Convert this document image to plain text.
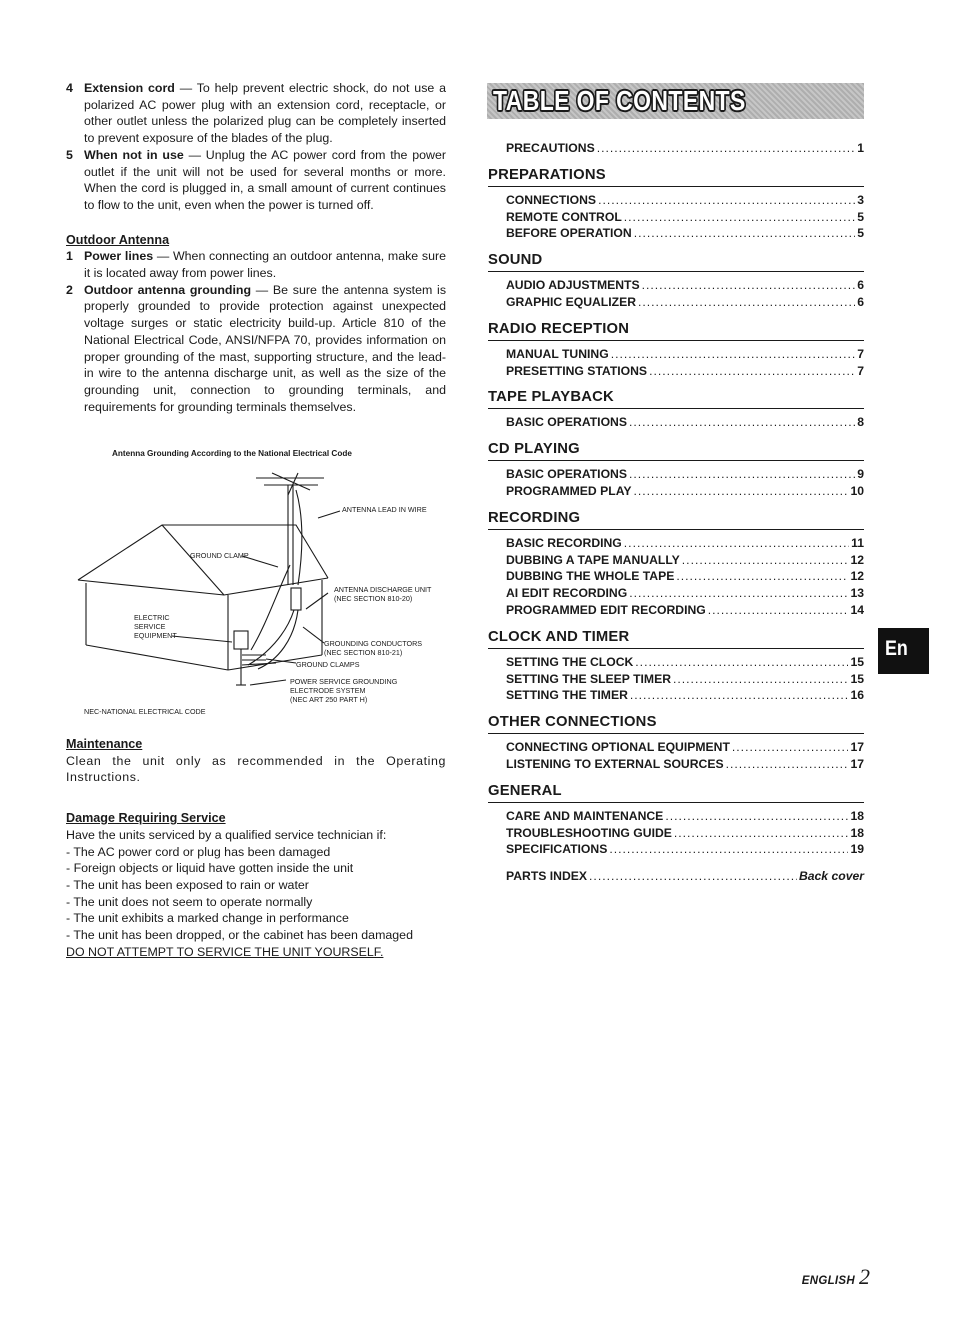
4 Extension cord — To help prevent electric shock, do not use a polarized AC power plug with an extension cord, receptacle, or other outlet unless the polarized plug can be completely inserted to prevent exposure of the blades of the plug.
5 When not in use — Unplug the AC power cord from the power outlet if the unit will not be used for several months or more. When the cord is plugged in, a small amount of current continues to flow to the unit, even when the power is turned off.
Outdoor Antenna
1 Power lines — When connecting an outdoor antenna, make sure it is located away from power lines.
2 Outdoor antenna grounding — Be sure the antenna system is properly grounded to provide protection against unexpected voltage surges or static electricity build-up. Article 810 of the National Electrical Code, ANSI/NFPA 70, provides information on proper grounding of the mast, supporting structure, and the lead-in wire to the antenna discharge unit, as well as the size of the grounding unit, connection to grounding terminals, and requirements for grounding terminals themselves.
Antenna Grounding According to the National Electrical Code
ANTENNA LEAD IN WIRE
GROUND CLAMP
ANTENNA DISCHARGE UNIT
(NEC SECTION 810-20)
ELECTRIC
SERVICE
EQUIPMENT
GROUNDING CONDUCTORS
(NEC SECTION 810-21)
GROUND CLAMPS
POWER SERVICE GROUNDING
ELECTRODE SYSTEM
(NEC ART 250 PART H)
NEC-NATIONAL ELECTRICAL CODE
Maintenance
Clean the unit only as recommended in the Operating Instructions.
Damage Requiring Service
Have the units serviced by a qualified service technician if:
- The AC power cord or plug has been damaged
- Foreign objects or liquid have gotten inside the unit
- The unit has been exposed to rain or water
- The unit does not seem to operate normally
- The unit exhibits a marked change in performance
- The unit has been dropped, or the cabinet has been damaged
DO NOT ATTEMPT TO SERVICE THE UNIT YOURSELF.
TABLE OF CONTENTS
PRECAUTIONS .....	1
PREPARATIONS
CONNECTIONS .....	3
REMOTE CONTROL .....	5
BEFORE OPERATION .....	5
SOUND
AUDIO ADJUSTMENTS .....	6
GRAPHIC EQUALIZER .....	6
RADIO RECEPTION
MANUAL TUNING .....	7
PRESETTING STATIONS .....	7
TAPE PLAYBACK
BASIC OPERATIONS .....	8
CD PLAYING
BASIC OPERATIONS .....	9
PROGRAMMED PLAY .....	10
RECORDING
BASIC RECORDING .....	11
DUBBING A TAPE MANUALLY .....	12
DUBBING THE WHOLE TAPE .....	12
AI EDIT RECORDING .....	13
PROGRAMMED EDIT RECORDING .....	14
CLOCK AND TIMER
SETTING THE CLOCK .....	15
SETTING THE SLEEP TIMER .....	15
SETTING THE TIMER .....	16
OTHER CONNECTIONS
CONNECTING OPTIONAL EQUIPMENT .....	17
LISTENING TO EXTERNAL SOURCES .....	17
GENERAL
CARE AND MAINTENANCE .....	18
TROUBLESHOOTING GUIDE .....	18
SPECIFICATIONS .....	19
PARTS INDEX .....	Back cover
En
ENGLISH 2
